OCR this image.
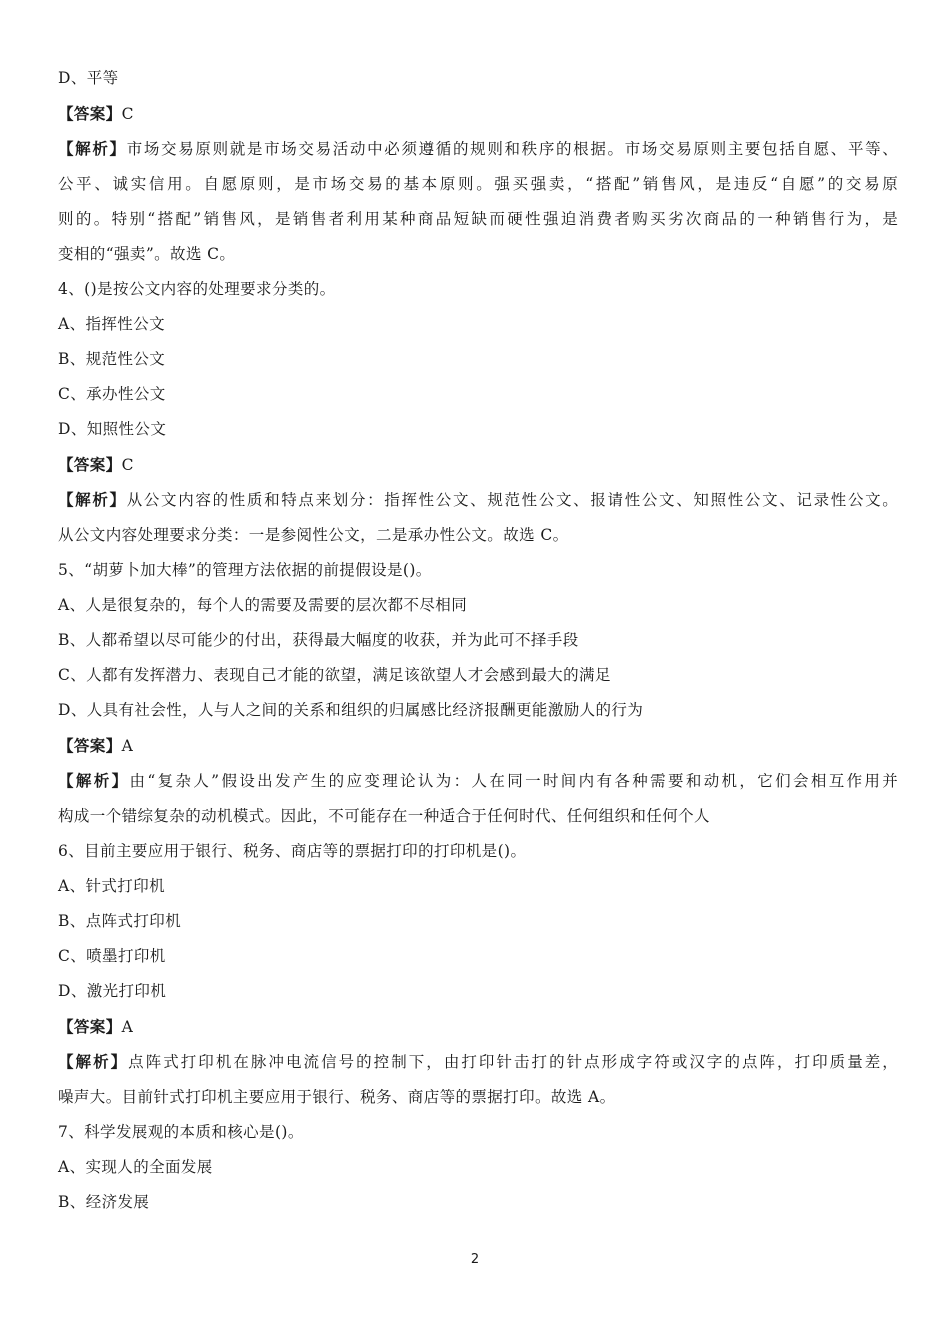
D、平等
【答案】C
【解析】市场交易原则就是市场交易活动中必须遵循的规则和秩序的根据。市场交易原则主要包括自愿、平等、
公平、诚实信用。自愿原则，是市场交易的基本原则。强买强卖，“搭配”销售风，是违反“自愿”的交易原
则的。特别“搭配”销售风，是销售者利用某种商品短缺而硬性强迫消费者购买劣次商品的一种销售行为，是
变相的“强卖”。故选 C。
4、()是按公文内容的处理要求分类的。
A、指挥性公文
B、规范性公文
C、承办性公文
D、知照性公文
【答案】C
【解析】从公文内容的性质和特点来划分：指挥性公文、规范性公文、报请性公文、知照性公文、记录性公文。
从公文内容处理要求分类：一是参阅性公文，二是承办性公文。故选 C。
5、“胡萝卜加大棒”的管理方法依据的前提假设是()。
A、人是很复杂的，每个人的需要及需要的层次都不尽相同
B、人都希望以尽可能少的付出，获得最大幅度的收获，并为此可不择手段
C、人都有发挥潜力、表现自己才能的欲望，满足该欲望人才会感到最大的满足
D、人具有社会性，人与人之间的关系和组织的归属感比经济报酬更能激励人的行为
【答案】A
【解析】由“复杂人”假设出发产生的应变理论认为：人在同一时间内有各种需要和动机，它们会相互作用并
构成一个错综复杂的动机模式。因此，不可能存在一种适合于任何时代、任何组织和任何个人
6、目前主要应用于银行、税务、商店等的票据打印的打印机是()。
A、针式打印机
B、点阵式打印机
C、喷墨打印机
D、激光打印机
【答案】A
【解析】点阵式打印机在脉冲电流信号的控制下，由打印针击打的针点形成字符或汉字的点阵，打印质量差，
噪声大。目前针式打印机主要应用于银行、税务、商店等的票据打印。故选 A。
7、科学发展观的本质和核心是()。
A、实现人的全面发展
B、经济发展
2
